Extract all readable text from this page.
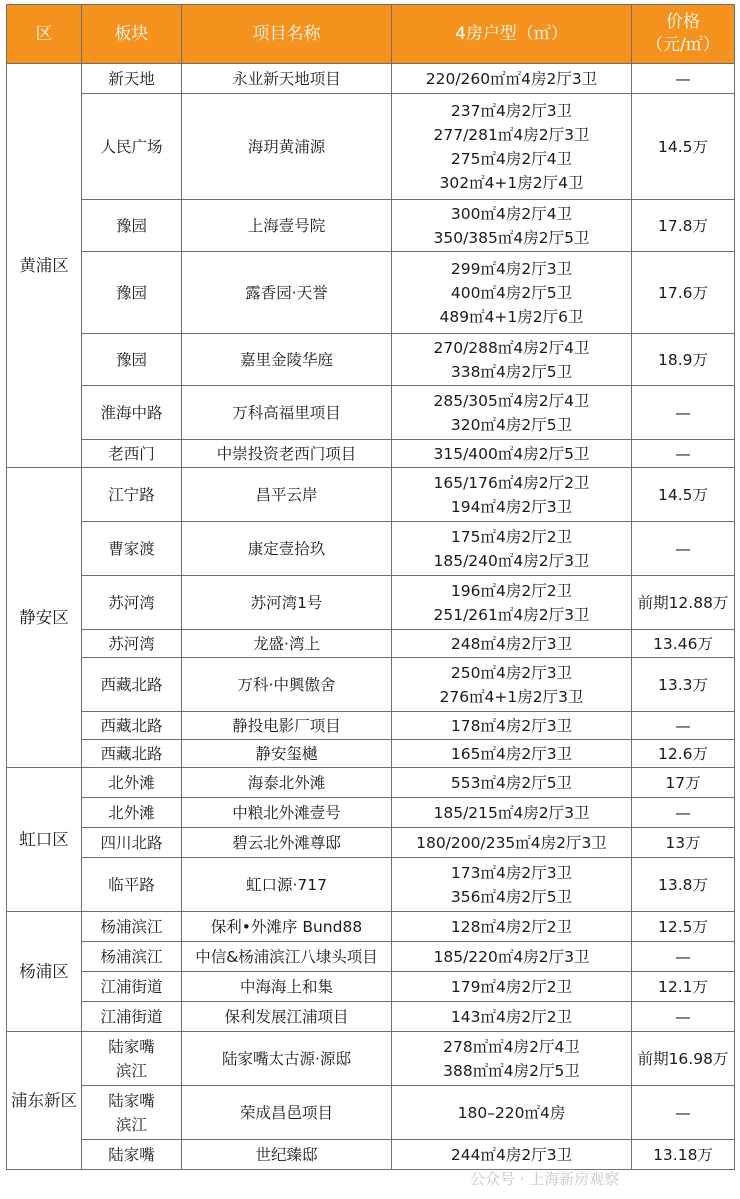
区	板块	项目名称	4房户型（㎡）	价格
（元/㎡）

黄浦区	新天地	永业新天地项目	220/260㎡㎡4房2厅3卫	—

	人民广场	海玥黄浦源	237㎡4房2厅3卫
277/281㎡4房2厅3卫
275㎡4房2厅4卫
302㎡4+1房2厅4卫	14.5万

	豫园	上海壹号院	300㎡4房2厅4卫
350/385㎡4房2厅5卫	17.8万

	豫园	露香园·天誉	299㎡4房2厅3卫
400㎡4房2厅5卫
489㎡4+1房2厅6卫	17.6万

	豫园	嘉里金陵华庭	270/288㎡4房2厅4卫
338㎡4房2厅5卫	18.9万

	淮海中路	万科高福里项目	285/305㎡4房2厅4卫
320㎡4房2厅5卫	—

	老西门	中崇投资老西门项目	315/400㎡4房2厅5卫	—
静安区	江宁路	昌平云岸	165/176㎡4房2厅2卫
194㎡4房2厅3卫	14.5万

	曹家渡	康定壹拾玖	175㎡4房2厅2卫
185/240㎡4房2厅3卫	—

	苏河湾	苏河湾1号	196㎡4房2厅2卫
251/261㎡4房2厅3卫	前期12.88万

	苏河湾	龙盛·湾上	248㎡4房2厅3卫	13.46万

	西藏北路	万科·中興傲舍	250㎡4房2厅3卫
276㎡4+1房2厅3卫	13.3万

	西藏北路	静投电影厂项目	178㎡4房2厅3卫	—

	西藏北路	静安玺樾	165㎡4房2厅3卫	12.6万
虹口区	北外滩	海泰北外滩	553㎡4房2厅5卫	17万

	北外滩	中粮北外滩壹号	185/215㎡4房2厅3卫	—

	四川北路	碧云北外滩尊邸	180/200/235㎡4房2厅3卫	13万

	临平路	虹口源·717	173㎡4房2厅3卫
356㎡4房2厅5卫	13.8万
杨浦区	杨浦滨江	保利•外滩序 Bund88	128㎡4房2厅2卫	12.5万

	杨浦滨江	中信&杨浦滨江八埭头项目	185/220㎡4房2厅3卫	—

	江浦街道	中海海上和集	179㎡4房2厅2卫	12.1万

	江浦街道	保利发展江浦项目	143㎡4房2厅2卫	—
浦东新区	陆家嘴
滨江	陆家嘴太古源·源邸	278㎡㎡4房2厅4卫
388㎡㎡4房2厅5卫	前期16.98万

	陆家嘴
滨江	荣成昌邑项目	180–220㎡4房	—

	陆家嘴	世纪臻邸	244㎡4房2厅3卫	13.18万
公众号 · 上海新房观察
